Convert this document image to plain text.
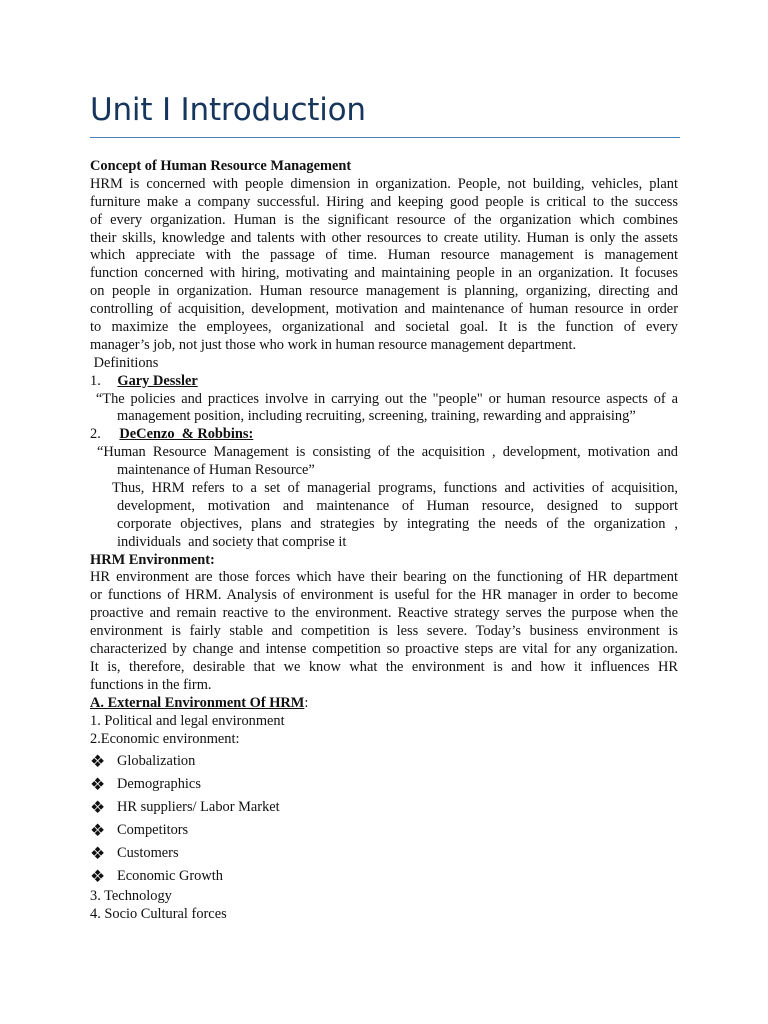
Unit I Introduction
Concept of Human Resource Management
HRM is concerned with people dimension in organization. People, not building, vehicles, plant
furniture make a company successful. Hiring and keeping good people is critical to the success
of every organization. Human is the significant resource of the organization which combines
their skills, knowledge and talents with other resources to create utility. Human is only the assets
which appreciate with the passage of time. Human resource management is management
function concerned with hiring, motivating and maintaining people in an organization. It focuses
on people in organization. Human resource management is planning, organizing, directing and
controlling of acquisition, development, motivation and maintenance of human resource in order
to maximize the employees, organizational and societal goal. It is the function of every
manager’s job, not just those who work in human resource management department.
Definitions
1. Gary Dessler
“The policies and practices involve in carrying out the "people" or human resource aspects of a
management position, including recruiting, screening, training, rewarding and appraising”
2. DeCenzo  & Robbins:
“Human Resource Management is consisting of the acquisition , development, motivation and
maintenance of Human Resource”
Thus, HRM refers to a set of managerial programs, functions and activities of acquisition,
development, motivation and maintenance of Human resource, designed to support
corporate objectives, plans and strategies by integrating the needs of the organization ,
individuals  and society that comprise it
HRM Environment:
HR environment are those forces which have their bearing on the functioning of HR department
or functions of HRM. Analysis of environment is useful for the HR manager in order to become
proactive and remain reactive to the environment. Reactive strategy serves the purpose when the
environment is fairly stable and competition is less severe. Today’s business environment is
characterized by change and intense competition so proactive steps are vital for any organization.
It is, therefore, desirable that we know what the environment is and how it influences HR
functions in the firm.
A. External Environment Of HRM:
1. Political and legal environment
2.Economic environment:
❖ Globalization
❖ Demographics
❖ HR suppliers/ Labor Market
❖ Competitors
❖ Customers
❖ Economic Growth
3. Technology
4. Socio Cultural forces
